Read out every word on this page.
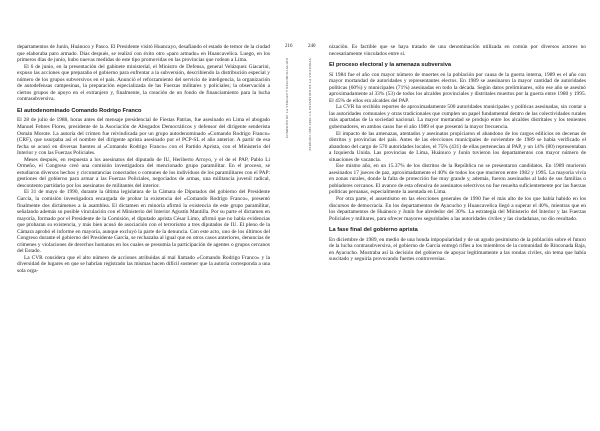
departamentos de Junín, Huánuco y Pasco. El Presidente visitó Huancayo, desafiando el estado de temor de la ciudad que elaboraba paro armado. Dias después, se realizó con éxito otro «paro armado» en Huancavelica. Luego, en los primeros días de junio, hubo nuevas medidas de este tipo promovidas en las provincias que rodean a Lima.

El 6 de junio, en la presentación del gabinete ministerial, el Ministro de Defensa, general Velázquez Giacarini, expuso las acciones que preparaba el gobierno para enfrentar a la subversión, describiendo la distribución especial y número de los grupos subversivos en el país. Anunció el reforzamiento del servicio de inteligencia, la organización de autodefensas campesinas, la preparación especializada de las Fuerzas militares y policiales; la observación a ciertos grupos de apoyo en el extranjero y, finalmente, la creación de un fondo de financiamiento para la lucha contrasubversiva.

El autodenominado Comando Rodrigo Franco

El 28 de julio de 1988, horas antes del mensaje presidencial de Fiestas Patrias, fue asesinado en Lima el abogado Manuel Febres Flores, presidente de la Asociación de Abogados Democráticos y defensor del dirigente senderista Osmán Morote. La autoría del crimen fue reivindicada por un grupo autodenominado «Comando Rodrigo Franco» (CRF), que usurpaba así el nombre del dirigente aprista asesinado por el PCP-SL el año anterior. A partir de esa fecha se acusó en diversas fuentes al «Comando Rodrigo Franco» con el Partido Aprista, con el Ministerio del Interior y con las Fuerzas Policiales.

Meses después, en respuesta a los asesinatos del diputado de IU, Heriberto Arroyo, y el de el PAP, Pablo Li Ormeño, el Congreso creó una comisión investigadora del mencionado grupo paramilitar. En el proceso, se estudiaron diversos hechos y circunstancias conectados o comunes de los individuos de los paramilitares con el PAP: gestiones del gobierno para armar a las Fuerzas Policiales, negociados de armas, una militancia juvenil radical, descontento partidario por los asesinatos de militantes del interior.

El 31 de mayo de 1990, durante la última legislatura de la Cámara de Diputados del gobierno del Presidente García, la comisión investigadora encargada de probar la existencia del «Comando Rodrigo Franco», presentó finalmente dos dictámenes a la asamblea. El dictamen en minoría afirmó la existencia de este grupo paramilitar, señalando además su posible vinculación con el Ministerio del Interior Agustín Mantilla. Por su parte el dictamen en mayoría, formado por el Presidente de la Comisión, el diputado aprista César Limo, afirmó que no había evidencias que probaran su existencia, y más bien acusó de asociación con el terrorismo a tres diputados de IU. El pleno de la Cámara aprobó el informe en mayoría, aunque excluyó la parte de la denuncia. Con este acto, uno de los últimos del Congreso durante el gobierno del Presidente García, se rechazaba al igual que en otros casos anteriores, denuncias de crímenes y violaciones de derechos humanos en los cuales se presumía la participación de agentes o grupos cercanos del Estado.

La CVR considera que el alto número de acciones atribuidas al mal llamado «Comando Rodrigo Franco» y la diversidad de lugares en que se habrían registrado las mismas hacen difícil sostener que la autoría corresponda a una sola orga-

216
COMISIÓN DE LA VERDAD Y RECONCILIACIÓN
240
PERÍODO 1985-1990: LA EXPANSIÓN DE LA VIOLENCIA

nización. Es factible que se haya tratado de una denominación utilizada en común por diversos actores no necesariamente vinculados entre sí.

El proceso electoral y la amenaza subversiva

Si 1984 fue el año con mayor número de muertes en la población por causa de la guerra interna, 1989 es el año con mayor mortandad de autoridades y representantes electos. En 1989 se asesinaron la mayor cantidad de autoridades políticas (60%) y municipales (71%) asesinadas en todo la década. Según datos preliminares, sólo ese año se asesinó aproximadamente al 33% (53) de todos los alcaldes provinciales y distritales muertos por la guerra entre 1980 y 1995. El 45% de ellos era alcaldes del PAP.

La CVR ha recibido reportes de aproximadamente 500 autoridades municipales y políticas asesinadas, sin contar a las autoridades comunales y otras tradicionales que cumplen un papel fundamental dentro de las colectividades rurales más apartadas de la sociedad nacional. La mayor mortandad se produjo entre los alcaldes distritales y los tenientes gobernadores, en ambos casos fue el año 1989 el que presentó la mayor frecuencia.

El impacto de las amenazas, atentados y asesinatos propiciaron el abandono de los cargos edilicios en decenas de distritos y provincias del país. Antes de las elecciones municipales de noviembre de 1989 se había verificado el abandono del cargo de 576 autoridades locales, el 75% (431) de ellas pertenecían al PAP, y un 14% (80) representaban a Izquierda Unida. Las provincias de Lima, Huánuco y Junín tuvieron los departamentos con mayor número de situaciones de vacancia.

Ese mismo año, en un 15.37% de los distritos de la República no se presentaron candidatos. En 1989 murieron asesinados 17 jueces de paz, aproximadamente el 40% de todos los que murieron entre 1982 y 1995. La mayoría vivía en zonas rurales, donde la falta de protección fue muy grande y, además, fueron asesinados al lado de sus familias o pobladores cercanos. El avance de esta ofensiva de asesinatos selectivos no fue resuelta suficientemente por las fuerzas políticas peruanas, especialmente la asentada en Lima.

Por otra parte, el ausentismo en las elecciones generales de 1990 fue el más alto de los que había habido en los discursos de democracia. En los departamentos de Ayacucho y Huancavelica llegó a superar el 40%, mientras que en los departamentos de Huánuco y Junín fue alrededor del 30%. La estrategia del Ministerio del Interior y las Fuerzas Policiales y militares, para ofrecer mayores seguridades a las autoridades civiles y las ciudadanas, no dio resultado.

La fase final del gobierno aprista

En diciembre de 1989, en medio de una honda impopularidad y de un agudo pesimismo de la población sobre el futuro de la lucha contrasubversiva, el gobierno de García entregó rifles a los miembros de la comunidad de Rinconada Baja, en Ayacucho. Mostraba así la decisión del gobierno de apoyar legítimamente a las rondas civiles, sin tema que había suscitado y seguiría provocando fuertes controversias.
